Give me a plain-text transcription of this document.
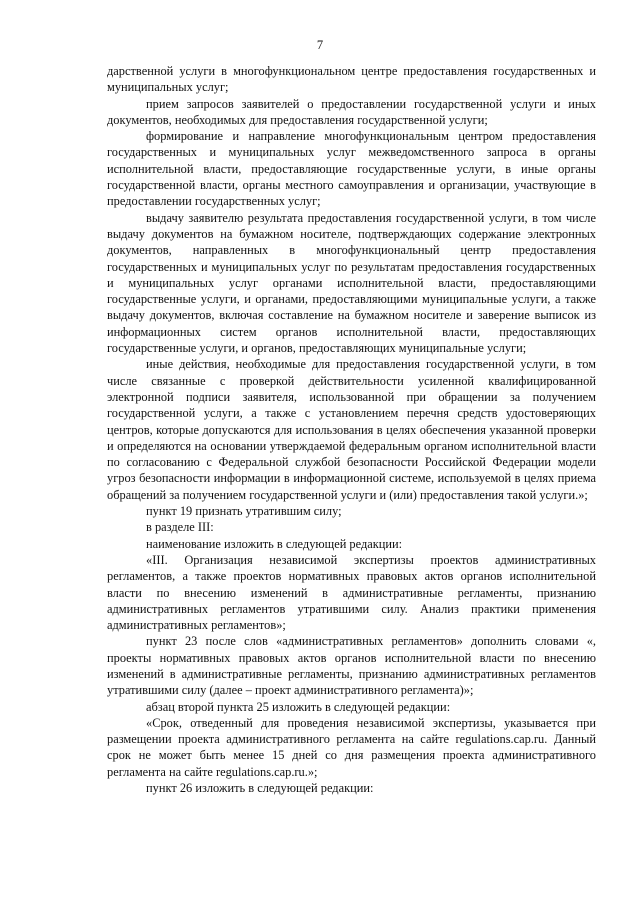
7

дарственной услуги в многофункциональном центре предоставления государственных и муниципальных услуг;

прием запросов заявителей о предоставлении государственной услуги и иных документов, необходимых для предоставления государственной услуги;

формирование и направление многофункциональным центром предоставления государственных и муниципальных услуг межведомственного запроса в органы исполнительной власти, предоставляющие государственные услуги, в иные органы государственной власти, органы местного самоуправления и организации, участвующие в предоставлении государственных услуг;

выдачу заявителю результата предоставления государственной услуги, в том числе выдачу документов на бумажном носителе, подтверждающих содержание электронных документов, направленных в многофункциональный центр предоставления государственных и муниципальных услуг по результатам предоставления государственных и муниципальных услуг органами исполнительной власти, предоставляющими государственные услуги, и органами, предоставляющими муниципальные услуги, а также выдачу документов, включая составление на бумажном носителе и заверение выписок из информационных систем органов исполнительной власти, предоставляющих государственные услуги, и органов, предоставляющих муниципальные услуги;

иные действия, необходимые для предоставления государственной услуги, в том числе связанные с проверкой действительности усиленной квалифицированной электронной подписи заявителя, использованной при обращении за получением государственной услуги, а также с установлением перечня средств удостоверяющих центров, которые допускаются для использования в целях обеспечения указанной проверки и определяются на основании утверждаемой федеральным органом исполнительной власти по согласованию с Федеральной службой безопасности Российской Федерации модели угроз безопасности информации в информационной системе, используемой в целях приема обращений за получением государственной услуги и (или) предоставления такой услуги.»;

пункт 19 признать утратившим силу;

в разделе III:

наименование изложить в следующей редакции:

«III. Организация независимой экспертизы проектов административных регламентов, а также проектов нормативных правовых актов органов исполнительной власти по внесению изменений в административные регламенты, признанию административных регламентов утратившими силу. Анализ практики применения административных регламентов»;

пункт 23 после слов «административных регламентов» дополнить словами «, проекты нормативных правовых актов органов исполнительной власти по внесению изменений в административные регламенты, признанию административных регламентов утратившими силу (далее – проект административного регламента)»;

абзац второй пункта 25 изложить в следующей редакции:

«Срок, отведенный для проведения независимой экспертизы, указывается при размещении проекта административного регламента на сайте regulations.cap.ru. Данный срок не может быть менее 15 дней со дня размещения проекта административного регламента на сайте regulations.cap.ru.»;

пункт 26 изложить в следующей редакции:
